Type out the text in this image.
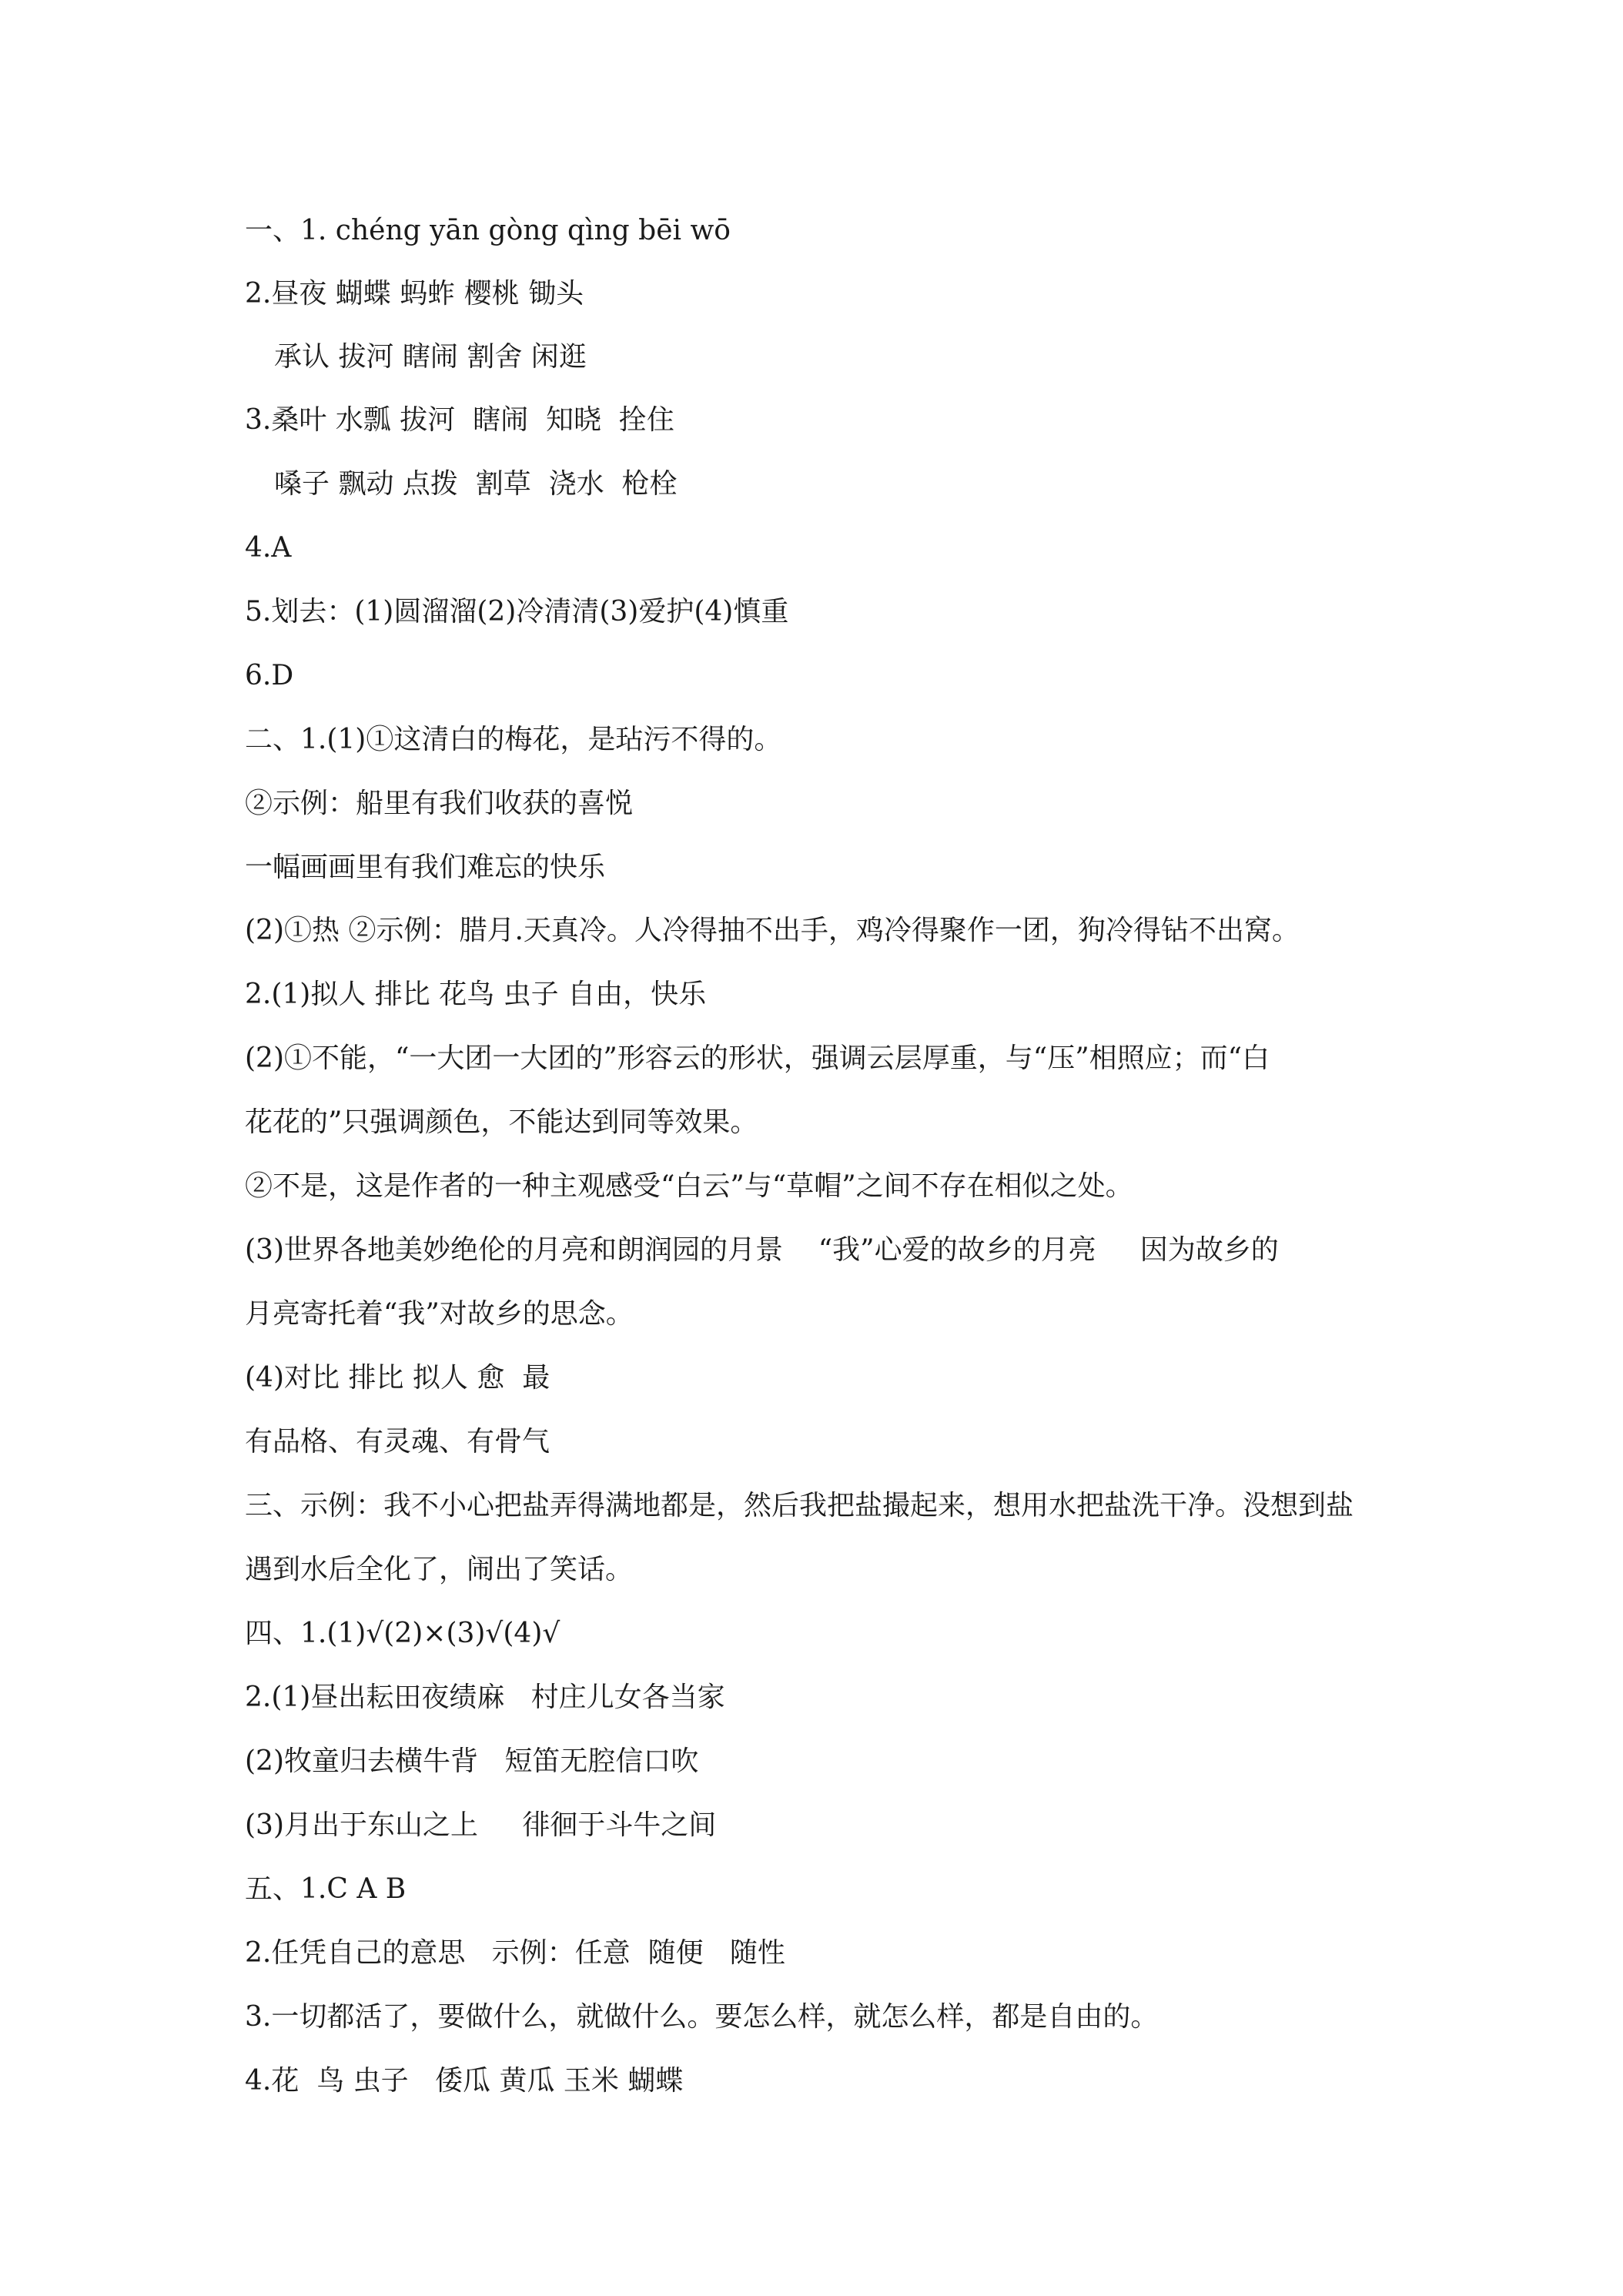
一、1. chéng yān gòng qìng bēi wō
2.昼夜 蝴蝶 蚂蚱 樱桃 锄头
承认 拔河 瞎闹 割舍 闲逛
3.桑叶 水瓢 拔河  瞎闹  知晓  拴住
嗓子 飘动 点拨  割草  浇水  枪栓
4.A
5.划去：(1)圆溜溜(2)冷清清(3)爱护(4)慎重
6.D
二、1.(1)①这清白的梅花，是玷污不得的。
②示例：船里有我们收获的喜悦
一幅画画里有我们难忘的快乐
(2)①热 ②示例：腊月.天真冷。人冷得抽不出手，鸡冷得聚作一团，狗冷得钻不出窝。
2.(1)拟人 排比 花鸟 虫子 自由，快乐
(2)①不能，“一大团一大团的”形容云的形状，强调云层厚重，与“压”相照应；而“白
花花的”只强调颜色，不能达到同等效果。
②不是，这是作者的一种主观感受“白云”与“草帽”之间不存在相似之处。
(3)世界各地美妙绝伦的月亮和朗润园的月景    “我”心爱的故乡的月亮     因为故乡的
月亮寄托着“我”对故乡的思念。
(4)对比 排比 拟人 愈  最
有品格、有灵魂、有骨气
三、示例：我不小心把盐弄得满地都是，然后我把盐撮起来，想用水把盐洗干净。没想到盐
遇到水后全化了，闹出了笑话。
四、1.(1)√(2)×(3)√(4)√
2.(1)昼出耘田夜绩麻   村庄儿女各当家
(2)牧童归去横牛背   短笛无腔信口吹
(3)月出于东山之上     徘徊于斗牛之间
五、1.C A B
2.任凭自己的意思   示例：任意  随便   随性
3.一切都活了，要做什么，就做什么。要怎么样，就怎么样，都是自由的。
4.花  鸟 虫子   倭瓜 黄瓜 玉米 蝴蝶
